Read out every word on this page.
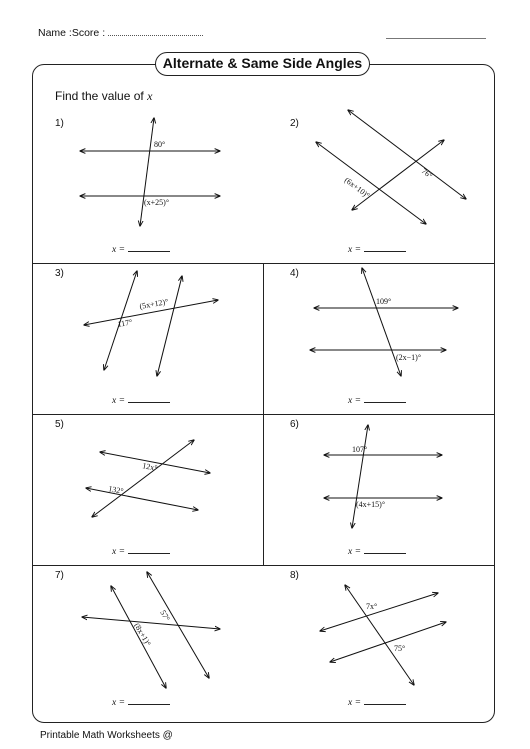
Name :Score :
Alternate & Same Side Angles
Find the value of x
1)	2)
3)	4)
5)	6)
7)	8)
x =	x =
x =	x =
x =	x =
x =	x =
80°
(x+25)°
76°
(6x+10)°
(5x+12)°
117°
109°
(2x−1)°
12x°
132°
107°
(4x+15)°
57°
(8x+1)°
7x°
75°
Printable Math Worksheets @
